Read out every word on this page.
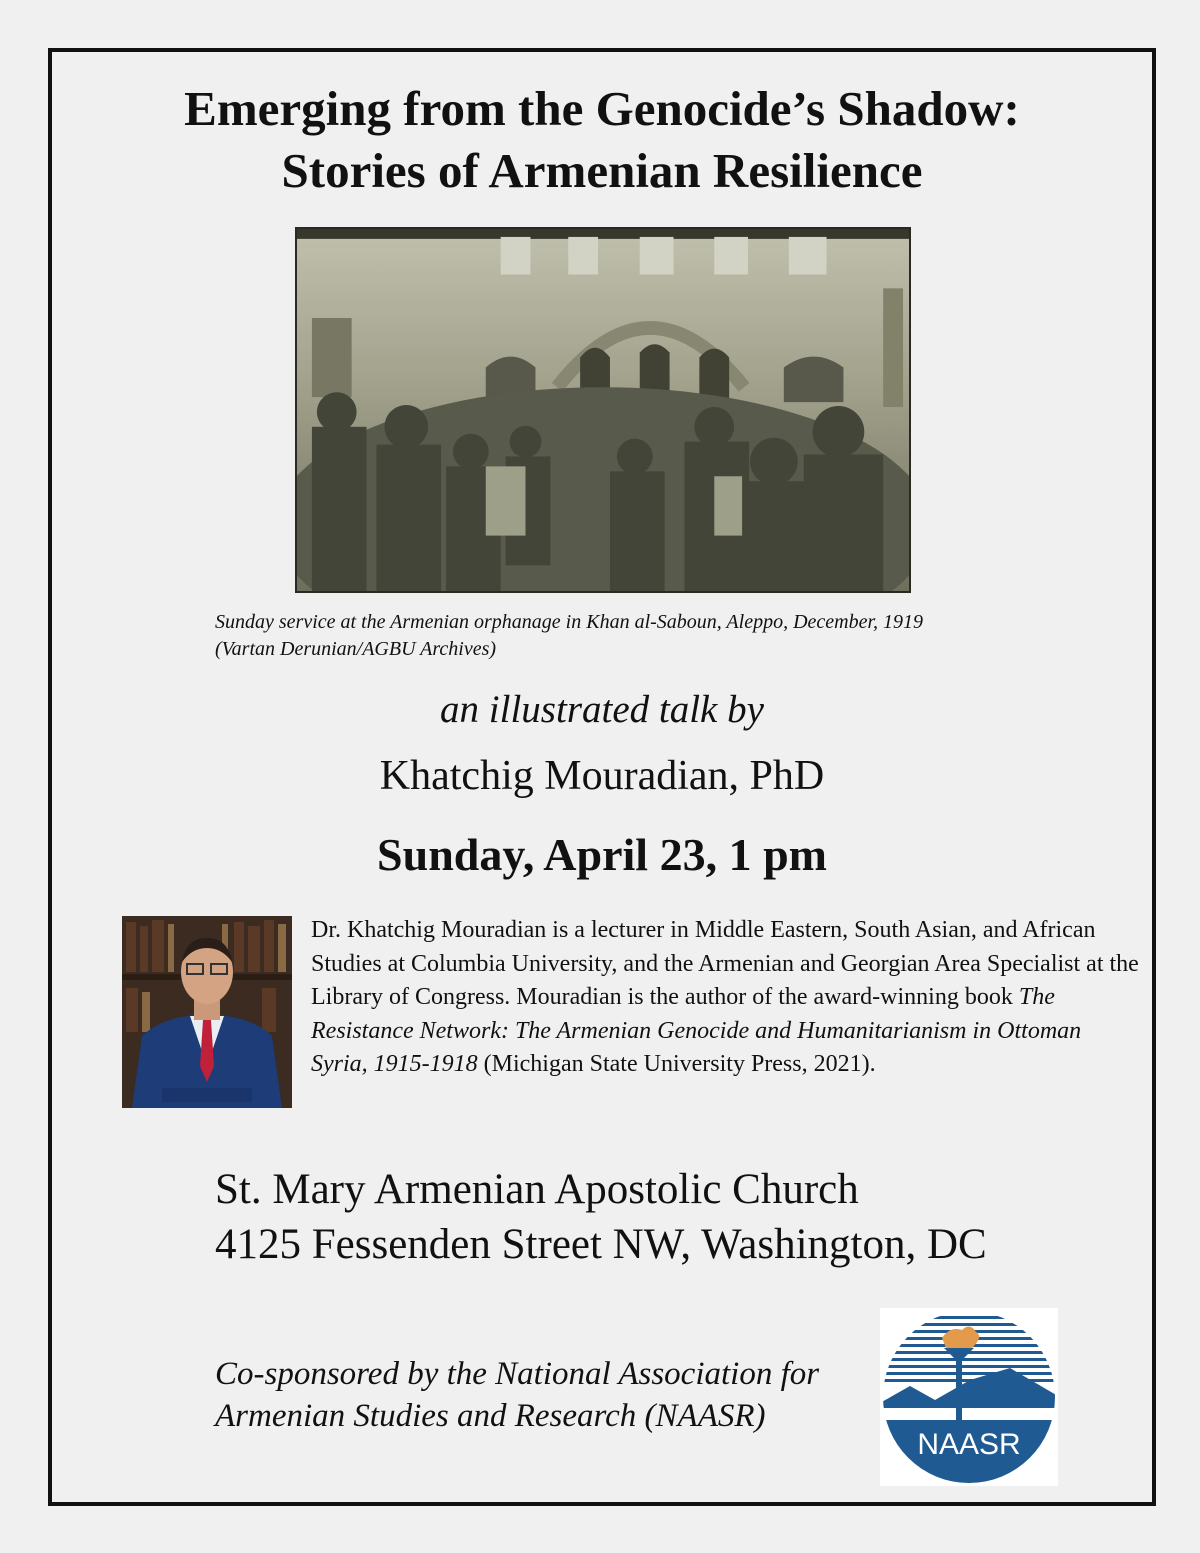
Emerging from the Genocide’s Shadow:
Stories of Armenian Resilience
Sunday service at the Armenian orphanage in Khan al-Saboun, Aleppo, December, 1919
(Vartan Derunian/AGBU Archives)
an illustrated talk by
Khatchig Mouradian, PhD
Sunday, April 23, 1 pm
Dr. Khatchig Mouradian is a lecturer in Middle Eastern, South Asian, and African Studies at Columbia University, and the Armenian and Georgian Area Specialist at the Library of Congress. Mouradian is the author of the award-winning book The Resistance Network: The Armenian Genocide and Humanitarianism in Ottoman Syria, 1915-1918 (Michigan State University Press, 2021).
St. Mary Armenian Apostolic Church
4125 Fessenden Street NW, Washington, DC
Co-sponsored by the National Association for
Armenian Studies and Research (NAASR)
NAASR
